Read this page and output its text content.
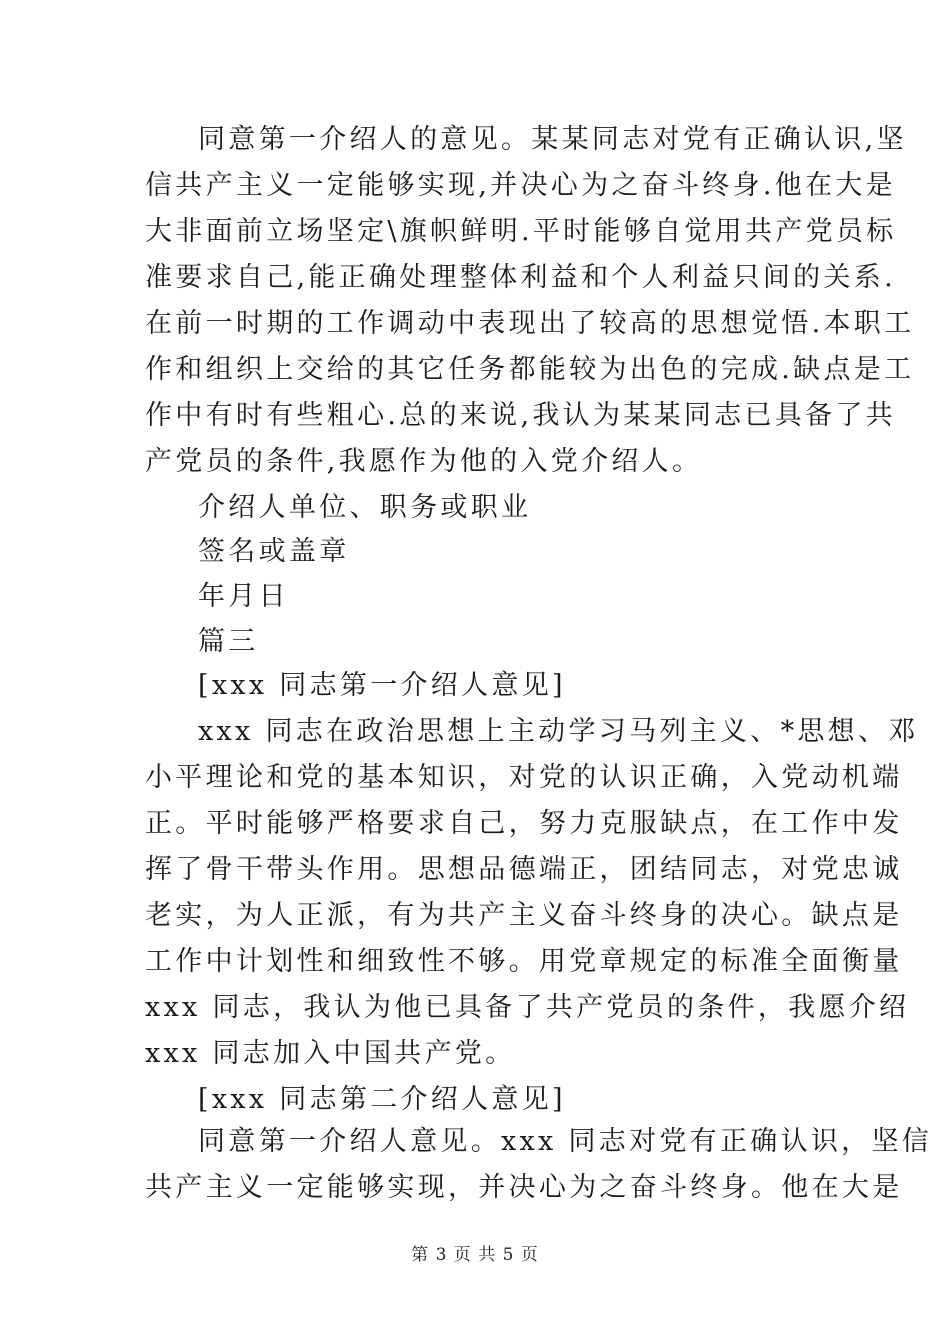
同意第一介绍人的意见。某某同志对党有正确认识,坚
信共产主义一定能够实现,并决心为之奋斗终身.他在大是
大非面前立场坚定\旗帜鲜明.平时能够自觉用共产党员标
准要求自己,能正确处理整体利益和个人利益只间的关系.
在前一时期的工作调动中表现出了较高的思想觉悟.本职工
作和组织上交给的其它任务都能较为出色的完成.缺点是工
作中有时有些粗心.总的来说,我认为某某同志已具备了共
产党员的条件,我愿作为他的入党介绍人。
介绍人单位、职务或职业
签名或盖章
年月日
篇三
[xxx 同志第一介绍人意见]
xxx 同志在政治思想上主动学习马列主义、*思想、邓
小平理论和党的基本知识，对党的认识正确，入党动机端
正。平时能够严格要求自己，努力克服缺点，在工作中发
挥了骨干带头作用。思想品德端正，团结同志，对党忠诚
老实，为人正派，有为共产主义奋斗终身的决心。缺点是
工作中计划性和细致性不够。用党章规定的标准全面衡量
xxx 同志，我认为他已具备了共产党员的条件，我愿介绍
xxx 同志加入中国共产党。
[xxx 同志第二介绍人意见]
同意第一介绍人意见。xxx 同志对党有正确认识，坚信
共产主义一定能够实现，并决心为之奋斗终身。他在大是
第 3 页 共 5 页
